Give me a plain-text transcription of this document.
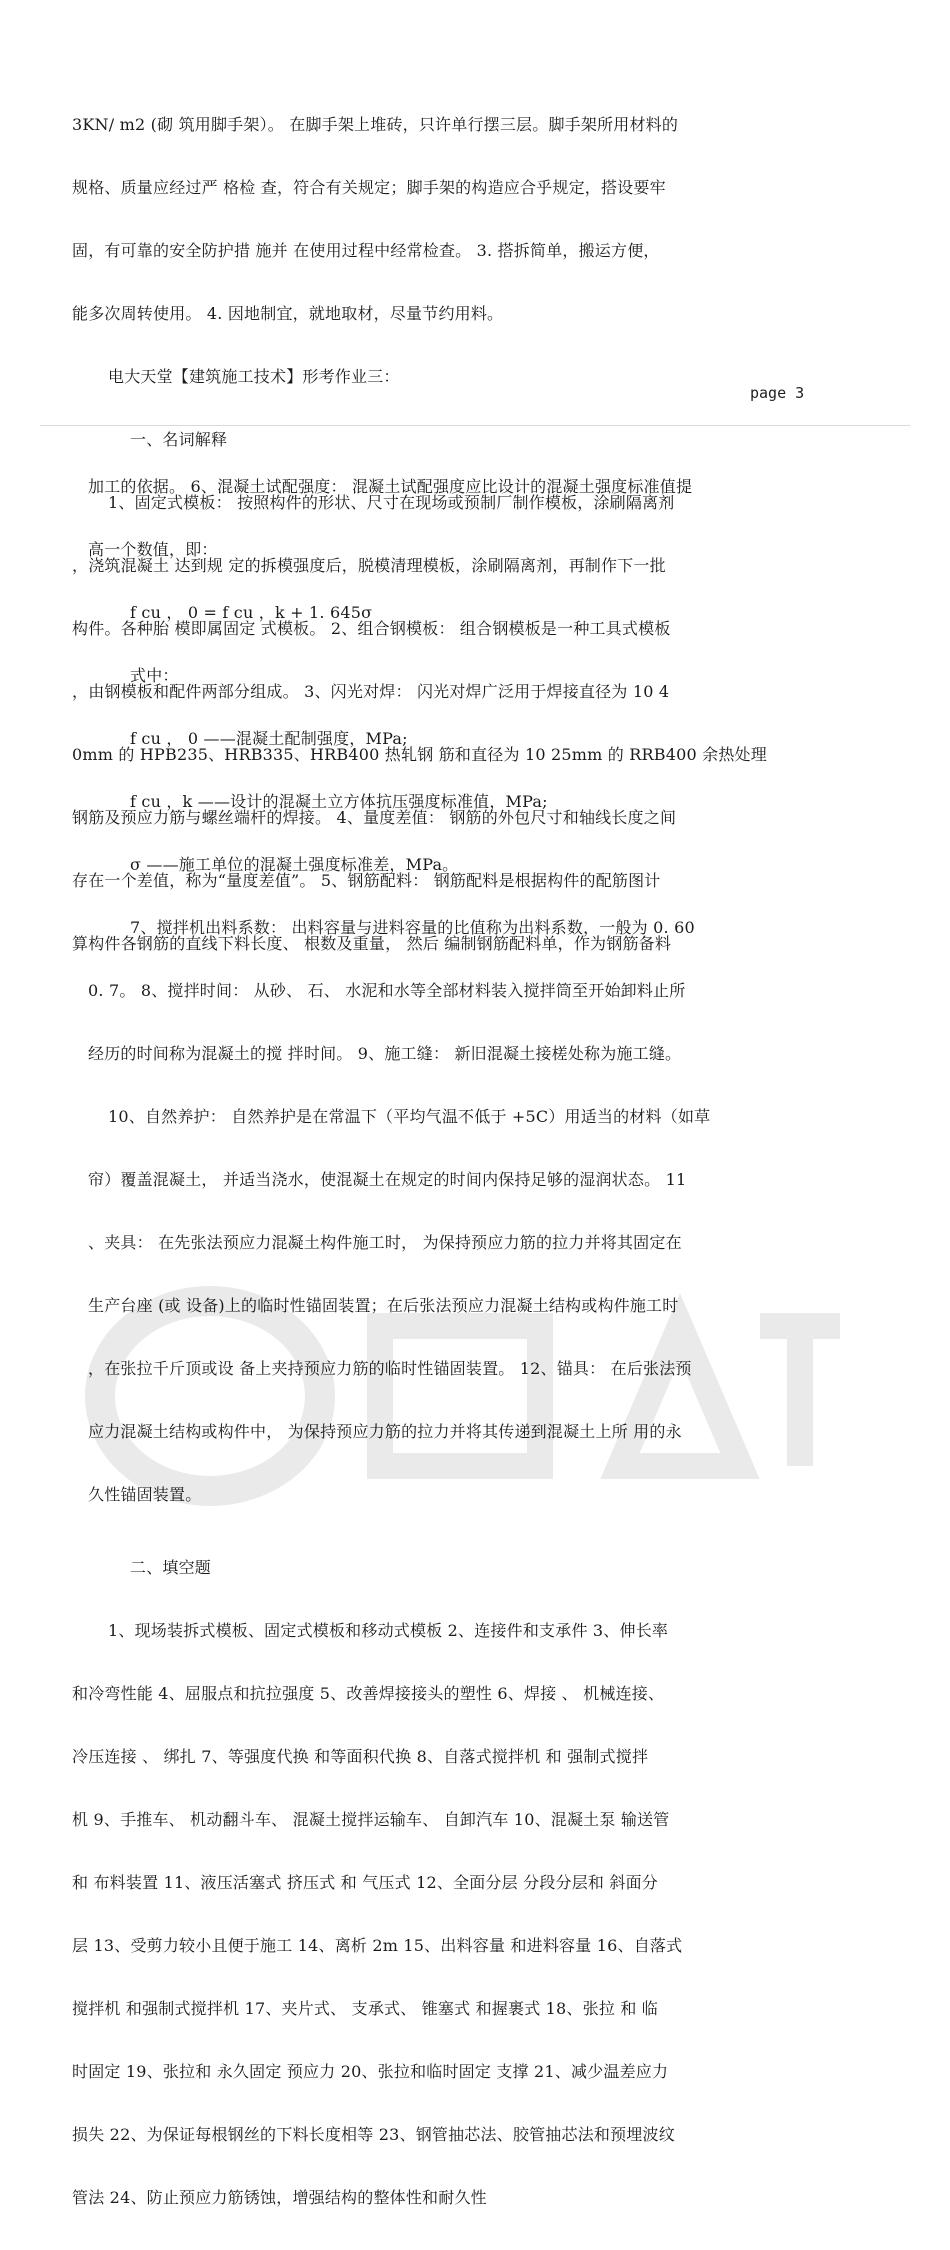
3KN/ m2 (砌 筑用脚手架）。 在脚手架上堆砖，只许单行摆三层。脚手架所用材料的

规格、质量应经过严 格检 查，符合有关规定；脚手架的构造应合乎规定，搭设要牢

固，有可靠的安全防护措 施并 在使用过程中经常检查。 3. 搭拆简单，搬运方便，

能多次周转使用。 4. 因地制宜，就地取材，尽量节约用料。

电大天堂【建筑施工技术】形考作业三：

一、名词解释

1、固定式模板： 按照构件的形状、尺寸在现场或预制厂制作模板，涂刷隔离剂

，浇筑混凝土 达到规 定的拆模强度后，脱模清理模板，涂刷隔离剂，再制作下一批

构件。各种胎 模即属固定 式模板。 2、组合钢模板： 组合钢模板是一种工具式模板

，由钢模板和配件两部分组成。 3、闪光对焊： 闪光对焊广泛用于焊接直径为 10 4

0mm 的 HPB235、HRB335、HRB400 热轧钢 筋和直径为 10 25mm 的 RRB400 余热处理

钢筋及预应力筋与螺丝端杆的焊接。 4、量度差值： 钢筋的外包尺寸和轴线长度之间

存在一个差值，称为“量度差值”。 5、钢筋配料： 钢筋配料是根据构件的配筋图计

算构件各钢筋的直线下料长度、 根数及重量， 然后 编制钢筋配料单，作为钢筋备料

page 3

加工的依据。 6、混凝土试配强度： 混凝土试配强度应比设计的混凝土强度标准值提

高一个数值，即：

f cu ， 0 = f cu ，k + 1. 645σ

式中：

f cu ， 0 ——混凝土配制强度，MPa;

f cu ，k ——设计的混凝土立方体抗压强度标准值，MPa;

σ ——施工单位的混凝土强度标准差，MPa。

7、搅拌机出料系数： 出料容量与进料容量的比值称为出料系数，一般为 0. 60

0. 7。 8、搅拌时间： 从砂、 石、 水泥和水等全部材料装入搅拌筒至开始卸料止所

经历的时间称为混凝土的搅 拌时间。 9、施工缝： 新旧混凝土接槎处称为施工缝。

10、自然养护： 自然养护是在常温下（平均气温不低于 +5C）用适当的材料（如草

帘）覆盖混凝土， 并适当浇水，使混凝土在规定的时间内保持足够的湿润状态。 11

、夹具： 在先张法预应力混凝土构件施工时， 为保持预应力筋的拉力并将其固定在

生产台座 (或 设备)上的临时性锚固装置；在后张法预应力混凝土结构或构件施工时

，在张拉千斤顶或设 备上夹持预应力筋的临时性锚固装置。 12、锚具： 在后张法预

应力混凝土结构或构件中， 为保持预应力筋的拉力并将其传递到混凝土上所 用的永

久性锚固装置。

二、填空题

1、现场装拆式模板、固定式模板和移动式模板 2、连接件和支承件 3、伸长率

和冷弯性能 4、屈服点和抗拉强度 5、改善焊接接头的塑性 6、焊接 、 机械连接、

冷压连接 、 绑扎 7、等强度代换 和等面积代换 8、自落式搅拌机 和 强制式搅拌

机 9、手推车、 机动翻斗车、 混凝土搅拌运输车、 自卸汽车 10、混凝土泵 输送管

和 布料装置 11、液压活塞式 挤压式 和 气压式 12、全面分层 分段分层和 斜面分

层 13、受剪力较小且便于施工 14、离析 2m 15、出料容量 和进料容量 16、自落式

搅拌机 和强制式搅拌机 17、夹片式、 支承式、 锥塞式 和握裹式 18、张拉 和 临

时固定 19、张拉和 永久固定 预应力 20、张拉和临时固定 支撑 21、减少温差应力

损失 22、为保证每根钢丝的下料长度相等 23、钢管抽芯法、胶管抽芯法和预埋波纹

管法 24、防止预应力筋锈蚀，增强结构的整体性和耐久性
